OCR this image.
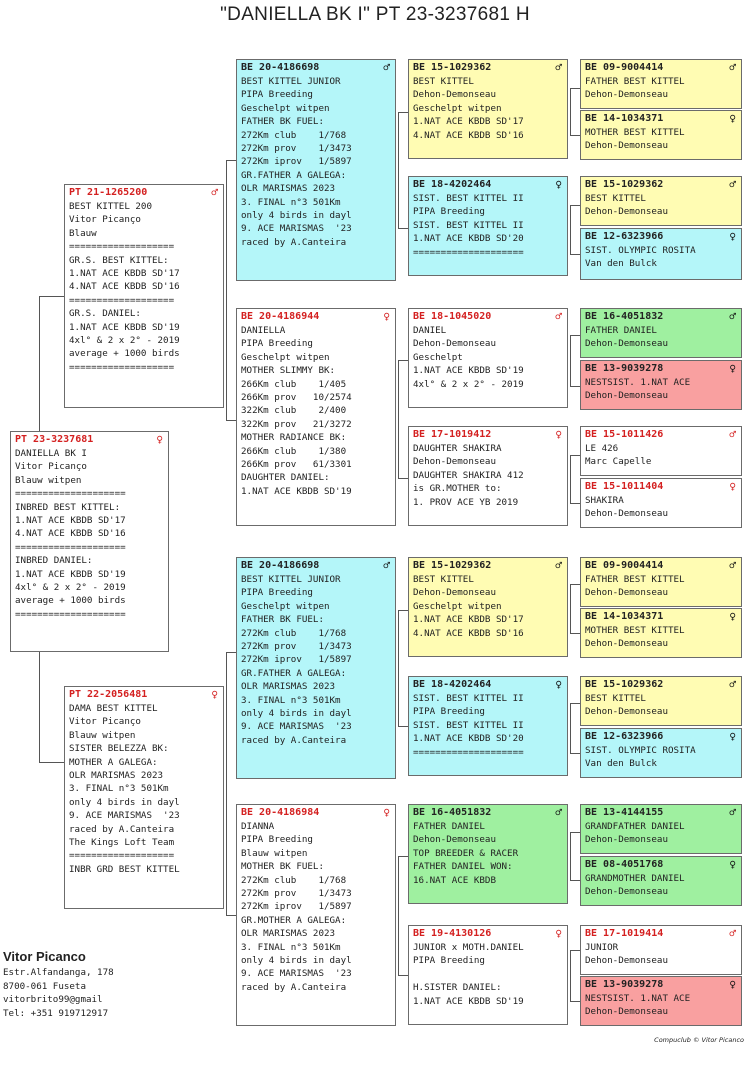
"DANIELLA BK I" PT 23-3237681 H
PT 23-3237681	♀
DANIELLA BK I
Vitor Picanço
Blauw witpen
====================
INBRED BEST KITTEL:
1.NAT ACE KBDB SD'17
4.NAT ACE KBDB SD'16
====================
INBRED DANIEL:
1.NAT ACE KBDB SD'19
4xl° & 2 x 2° - 2019
average + 1000 birds
====================
PT 21-1265200	♂
BEST KITTEL 200
Vitor Picanço
Blauw
===================
GR.S. BEST KITTEL:
1.NAT ACE KBDB SD'17
4.NAT ACE KBDB SD'16
===================
GR.S. DANIEL:
1.NAT ACE KBDB SD'19
4xl° & 2 x 2° - 2019
average + 1000 birds
===================
PT 22-2056481	♀
DAMA BEST KITTEL
Vitor Picanço
Blauw witpen
SISTER BELEZZA BK:
MOTHER A GALEGA:
OLR MARISMAS 2023
3. FINAL n°3 501Km
only 4 birds in dayl
9. ACE MARISMAS  '23
raced by A.Canteira
The Kings Loft Team
===================
INBR GRD BEST KITTEL
BE 20-4186698	♂
BEST KITTEL JUNIOR
PIPA Breeding
Geschelpt witpen
FATHER BK FUEL:
272Km club    1/768
272Km prov    1/3473
272Km iprov   1/5897
GR.FATHER A GALEGA:
OLR MARISMAS 2023
3. FINAL n°3 501Km
only 4 birds in dayl
9. ACE MARISMAS  '23
raced by A.Canteira
BE 20-4186944	♀
DANIELLA
PIPA Breeding
Geschelpt witpen
MOTHER SLIMMY BK:
266Km club    1/405
266Km prov   10/2574
322Km club    2/400
322Km prov   21/3272
MOTHER RADIANCE BK:
266Km club    1/380
266Km prov   61/3301
DAUGHTER DANIEL:
1.NAT ACE KBDB SD'19
BE 20-4186698	♂
BEST KITTEL JUNIOR
PIPA Breeding
Geschelpt witpen
FATHER BK FUEL:
272Km club    1/768
272Km prov    1/3473
272Km iprov   1/5897
GR.FATHER A GALEGA:
OLR MARISMAS 2023
3. FINAL n°3 501Km
only 4 birds in dayl
9. ACE MARISMAS  '23
raced by A.Canteira
BE 20-4186984	♀
DIANNA
PIPA Breeding
Blauw witpen
MOTHER BK FUEL:
272Km club    1/768
272Km prov    1/3473
272Km iprov   1/5897
GR.MOTHER A GALEGA:
OLR MARISMAS 2023
3. FINAL n°3 501Km
only 4 birds in dayl
9. ACE MARISMAS  '23
raced by A.Canteira
BE 15-1029362	♂
BEST KITTEL
Dehon-Demonseau
Geschelpt witpen
1.NAT ACE KBDB SD'17
4.NAT ACE KBDB SD'16
BE 18-4202464	♀
SIST. BEST KITTEL II
PIPA Breeding
SIST. BEST KITTEL II
1.NAT ACE KBDB SD'20
====================
BE 18-1045020	♂
DANIEL
Dehon-Demonseau
Geschelpt
1.NAT ACE KBDB SD'19
4xl° & 2 x 2° - 2019
BE 17-1019412	♀
DAUGHTER SHAKIRA
Dehon-Demonseau
DAUGHTER SHAKIRA 412
is GR.MOTHER to:
1. PROV ACE YB 2019
BE 15-1029362	♂
BEST KITTEL
Dehon-Demonseau
Geschelpt witpen
1.NAT ACE KBDB SD'17
4.NAT ACE KBDB SD'16
BE 18-4202464	♀
SIST. BEST KITTEL II
PIPA Breeding
SIST. BEST KITTEL II
1.NAT ACE KBDB SD'20
====================
BE 16-4051832	♂
FATHER DANIEL
Dehon-Demonseau
TOP BREEDER & RACER
FATHER DANIEL WON:
16.NAT ACE KBDB
BE 19-4130126	♀
JUNIOR x MOTH.DANIEL
PIPA Breeding

H.SISTER DANIEL:
1.NAT ACE KBDB SD'19
BE 09-9004414	♂
FATHER BEST KITTEL
Dehon-Demonseau
BE 14-1034371	♀
MOTHER BEST KITTEL
Dehon-Demonseau
BE 15-1029362	♂
BEST KITTEL
Dehon-Demonseau
BE 12-6323966	♀
SIST. OLYMPIC ROSITA
Van den Bulck
BE 16-4051832	♂
FATHER DANIEL
Dehon-Demonseau
BE 13-9039278	♀
NESTSIST. 1.NAT ACE
Dehon-Demonseau
BE 15-1011426	♂
LE 426
Marc Capelle
BE 15-1011404	♀
SHAKIRA
Dehon-Demonseau
BE 09-9004414	♂
FATHER BEST KITTEL
Dehon-Demonseau
BE 14-1034371	♀
MOTHER BEST KITTEL
Dehon-Demonseau
BE 15-1029362	♂
BEST KITTEL
Dehon-Demonseau
BE 12-6323966	♀
SIST. OLYMPIC ROSITA
Van den Bulck
BE 13-4144155	♂
GRANDFATHER DANIEL
Dehon-Demonseau
BE 08-4051768	♀
GRANDMOTHER DANIEL
Dehon-Demonseau
BE 17-1019414	♂
JUNIOR
Dehon-Demonseau
BE 13-9039278	♀
NESTSIST. 1.NAT ACE
Dehon-Demonseau
Vitor Picanco
Estr.Alfandanga, 178
8700-061 Fuseta
vitorbrito99@gmail
Tel: +351 919712917
Compuclub © Vitor Picanco
